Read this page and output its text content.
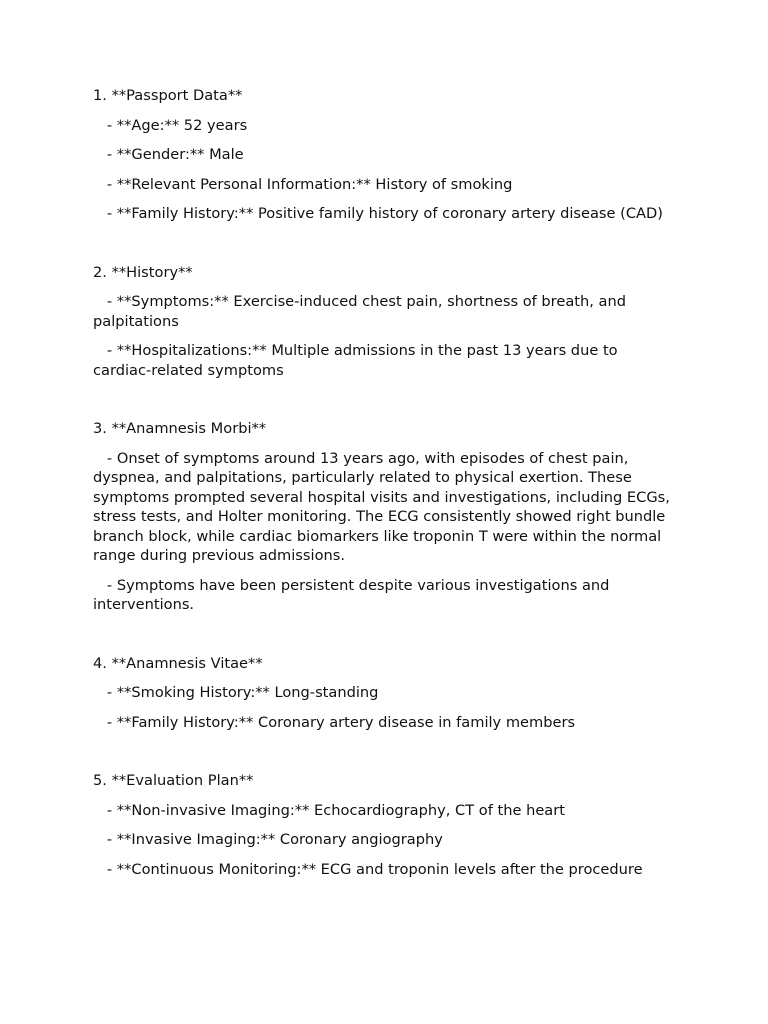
1. **Passport Data**
- **Age:** 52 years
- **Gender:** Male
- **Relevant Personal Information:** History of smoking
- **Family History:** Positive family history of coronary artery disease (CAD)
2. **History**
- **Symptoms:** Exercise-induced chest pain, shortness of breath, and palpitations
- **Hospitalizations:** Multiple admissions in the past 13 years due to cardiac-related symptoms
3. **Anamnesis Morbi**
- Onset of symptoms around 13 years ago, with episodes of chest pain, dyspnea, and palpitations, particularly related to physical exertion. These symptoms prompted several hospital visits and investigations, including ECGs, stress tests, and Holter monitoring. The ECG consistently showed right bundle branch block, while cardiac biomarkers like troponin T were within the normal range during previous admissions.
- Symptoms have been persistent despite various investigations and interventions.
4. **Anamnesis Vitae**
- **Smoking History:** Long-standing
- **Family History:** Coronary artery disease in family members
5. **Evaluation Plan**
- **Non-invasive Imaging:** Echocardiography, CT of the heart
- **Invasive Imaging:** Coronary angiography
- **Continuous Monitoring:** ECG and troponin levels after the procedure
